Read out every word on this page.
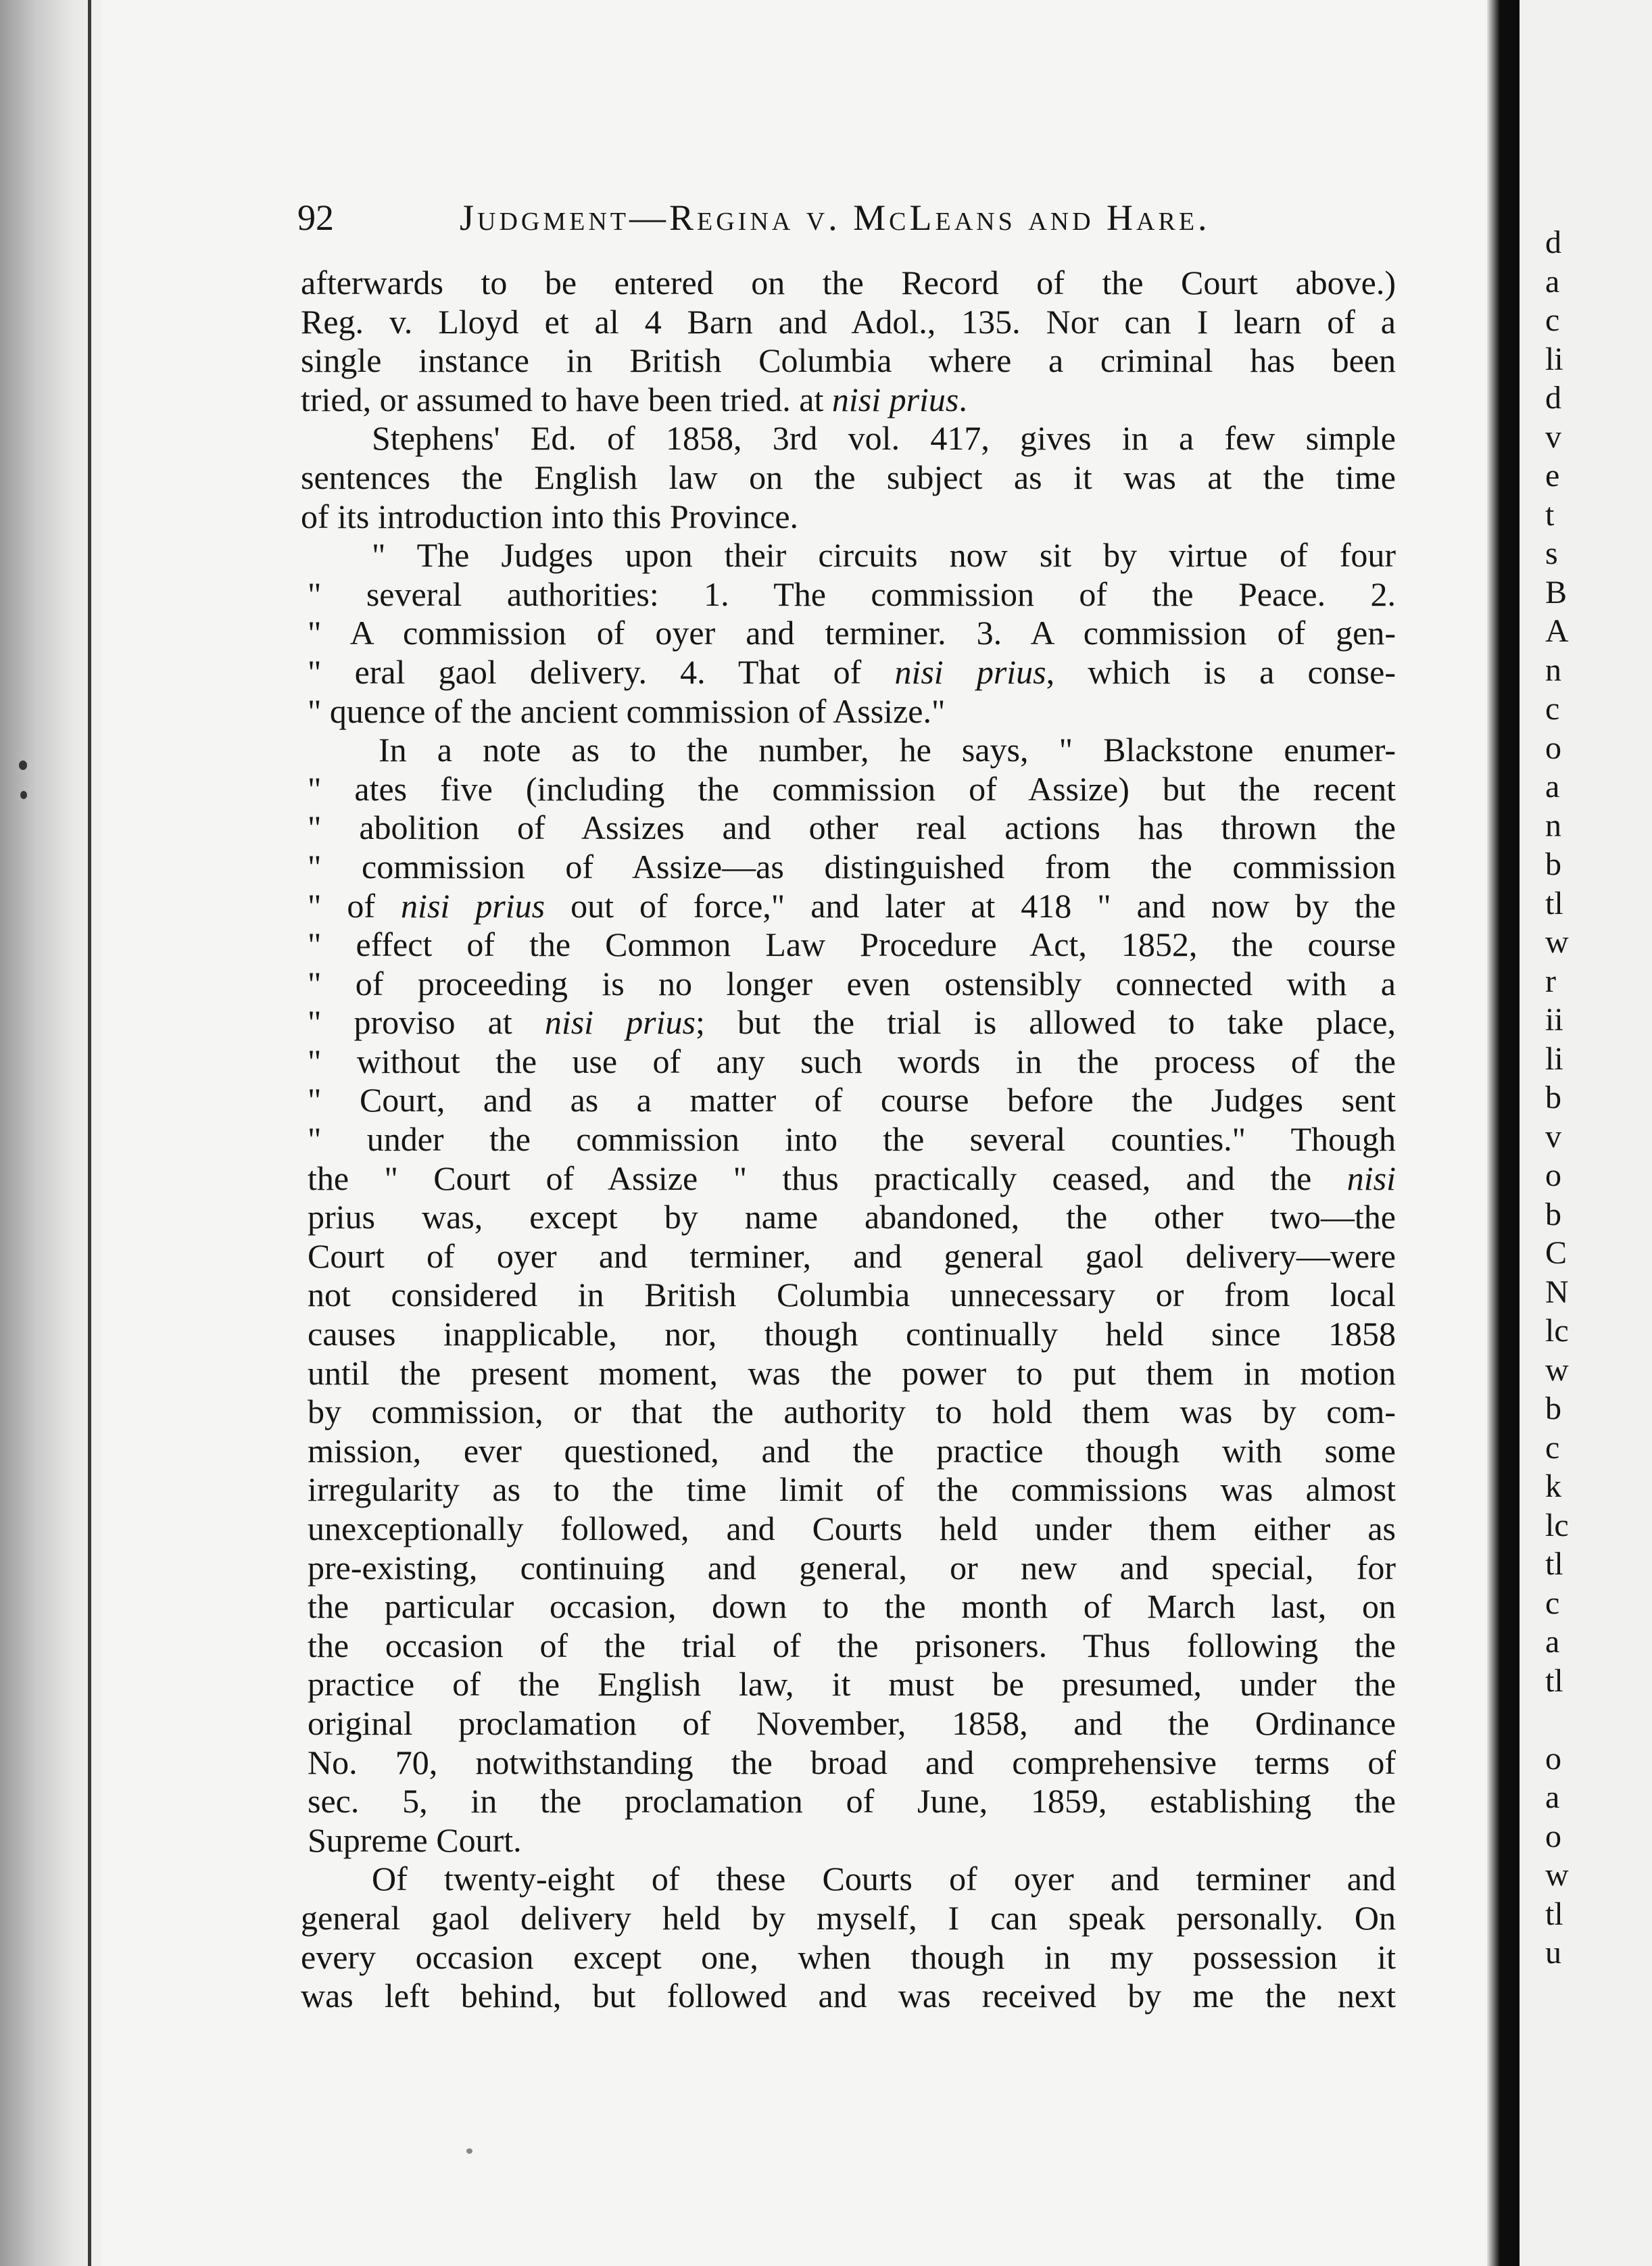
92	Judgment—Regina v. McLeans and Hare.
afterwards to be entered on the Record of the Court above.)
Reg. v. Lloyd et al 4 Barn and Adol., 135. Nor can I learn of a
single instance in British Columbia where a criminal has been
tried, or assumed to have been tried. at nisi prius.
Stephens' Ed. of 1858, 3rd vol. 417, gives in a few simple
sentences the English law on the subject as it was at the time
of its introduction into this Province.
" The Judges upon their circuits now sit by virtue of four
" several authorities: 1. The commission of the Peace. 2.
" A commission of oyer and terminer. 3. A commission of gen-
" eral gaol delivery. 4. That of nisi prius, which is a conse-
" quence of the ancient commission of Assize."
In a note as to the number, he says, " Blackstone enumer-
" ates five (including the commission of Assize) but the recent
" abolition of Assizes and other real actions has thrown the
" commission of Assize—as distinguished from the commission
" of nisi prius out of force," and later at 418 " and now by the
" effect of the Common Law Procedure Act, 1852, the course
" of proceeding is no longer even ostensibly connected with a
" proviso at nisi prius; but the trial is allowed to take place,
" without the use of any such words in the process of the
" Court, and as a matter of course before the Judges sent
" under the commission into the several counties." Though
the " Court of Assize " thus practically ceased, and the nisi
prius was, except by name abandoned, the other two—the
Court of oyer and terminer, and general gaol delivery—were
not considered in British Columbia unnecessary or from local
causes inapplicable, nor, though continually held since 1858
until the present moment, was the power to put them in motion
by commission, or that the authority to hold them was by com-
mission, ever questioned, and the practice though with some
irregularity as to the time limit of the commissions was almost
unexceptionally followed, and Courts held under them either as
pre-existing, continuing and general, or new and special, for
the particular occasion, down to the month of March last, on
the occasion of the trial of the prisoners. Thus following the
practice of the English law, it must be presumed, under the
original proclamation of November, 1858, and the Ordinance
No. 70, notwithstanding the broad and comprehensive terms of
sec. 5, in the proclamation of June, 1859, establishing the
Supreme Court.
Of twenty-eight of these Courts of oyer and terminer and
general gaol delivery held by myself, I can speak personally. On
every occasion except one, when though in my possession it
was left behind, but followed and was received by me the next
d
a
c
li
d
v
e
t
s
B
A
n
c
o
a
n
b
tl
w
r
ii
li
b
v
o
b
C
N
lc
w
b
c
k
lc
tl
c
a
tl
o
a
o
w
tl
u
